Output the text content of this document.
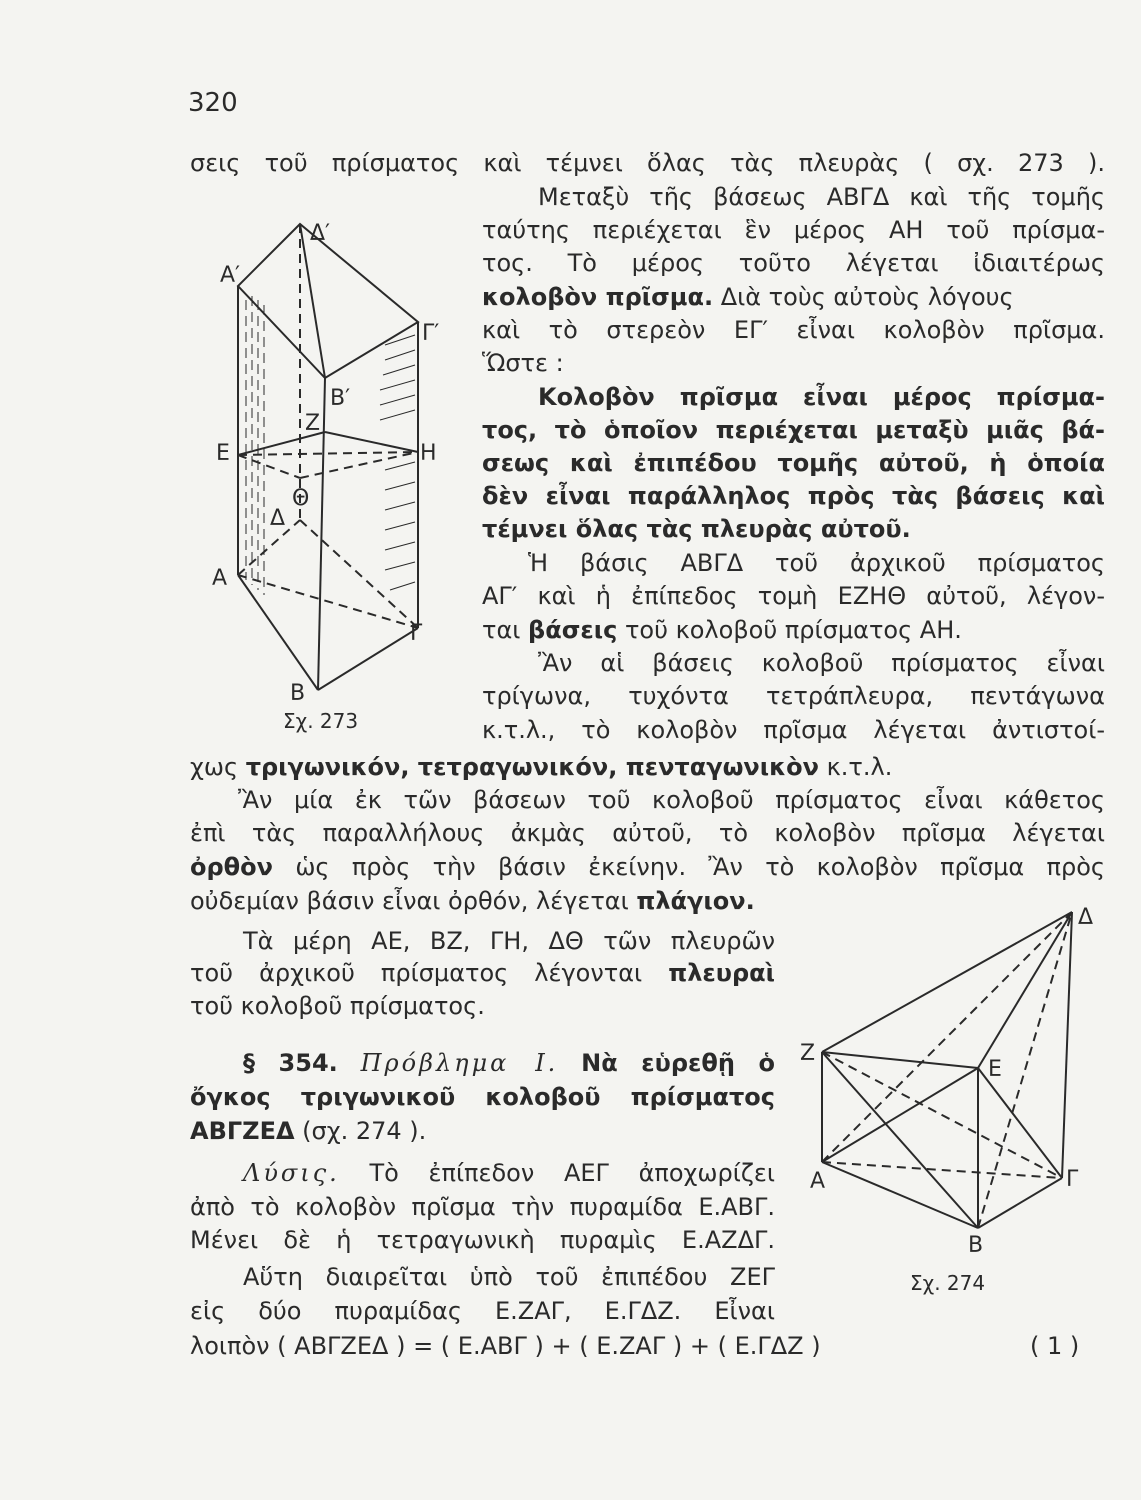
320

σεις τοῦ πρίσματος καὶ τέμνει ὅλας τὰς πλευρὰς ( σχ. 273 ).

Μεταξὺ τῆς βάσεως ΑΒΓΔ καὶ τῆς τομῆς

ταύτης περιέχεται ἓν μέρος ΑΗ τοῦ πρίσμα-

τος. Τὸ μέρος τοῦτο λέγεται ἰδιαιτέρως

κολοβὸν πρῖσμα. Διὰ τοὺς αὐτοὺς λόγους

καὶ τὸ στερεὸν ΕΓ′ εἶναι κολοβὸν πρῖσμα.

Ὥστε :

Κολοβὸν πρῖσμα εἶναι μέρος πρίσμα-

τος, τὸ ὁποῖον περιέχεται μεταξὺ μιᾶς βά-

σεως καὶ ἐπιπέδου τομῆς αὐτοῦ, ἡ ὁποία

δὲν εἶναι παράλληλος πρὸς τὰς βάσεις καὶ

τέμνει ὅλας τὰς πλευρὰς αὐτοῦ.

Ἡ βάσις ΑΒΓΔ τοῦ ἀρχικοῦ πρίσματος

ΑΓ′ καὶ ἡ ἐπίπεδος τομὴ ΕΖΗΘ αὐτοῦ, λέγον-

ται βάσεις τοῦ κολοβοῦ πρίσματος ΑΗ.

Ἂν αἱ βάσεις κολοβοῦ πρίσματος εἶναι

τρίγωνα, τυχόντα τετράπλευρα, πεντάγωνα

κ.τ.λ., τὸ κολοβὸν πρῖσμα λέγεται ἀντιστοί-

χως τριγωνικόν, τετραγωνικόν, πενταγωνικὸν κ.τ.λ.

Ἂν μία ἐκ τῶν βάσεων τοῦ κολοβοῦ πρίσματος εἶναι κάθετος

ἐπὶ τὰς παραλλήλους ἀκμὰς αὐτοῦ, τὸ κολοβὸν πρῖσμα λέγεται

ὀρθὸν ὡς πρὸς τὴν βάσιν ἐκείνην. Ἂν τὸ κολοβὸν πρῖσμα πρὸς

οὐδεμίαν βάσιν εἶναι ὀρθόν, λέγεται πλάγιον.

Τὰ μέρη ΑΕ, ΒΖ, ΓΗ, ΔΘ τῶν πλευρῶν

τοῦ ἀρχικοῦ πρίσματος λέγονται πλευραὶ

τοῦ κολοβοῦ πρίσματος.

§ 354. Πρόβλημα Ι. Νὰ εὑρεθῇ ὁ

ὄγκος τριγωνικοῦ κολοβοῦ πρίσματος

ΑΒΓΖΕΔ (σχ. 274 ).

Λύσις. Τὸ ἐπίπεδον ΑΕΓ ἀποχωρίζει

ἀπὸ τὸ κολοβὸν πρῖσμα τὴν πυραμίδα Ε.ΑΒΓ.

Μένει δὲ ἡ τετραγωνικὴ πυραμὶς Ε.ΑΖΔΓ.

Αὕτη διαιρεῖται ὑπὸ τοῦ ἐπιπέδου ΖΕΓ

εἰς δύο πυραμίδας Ε.ΖΑΓ, Ε.ΓΔΖ. Εἶναι

λοιπὸν ( ΑΒΓΖΕΔ ) = ( Ε.ΑΒΓ ) + ( Ε.ΖΑΓ ) + ( Ε.ΓΔΖ )	( 1 )

Δ′
Α′
Γ′
Β′
Ζ
Ε	Η
Θ
Δ
Α
Γ
Β
Σχ. 273
Δ
Ζ
Ε
Α	Γ
Β
Σχ. 274
